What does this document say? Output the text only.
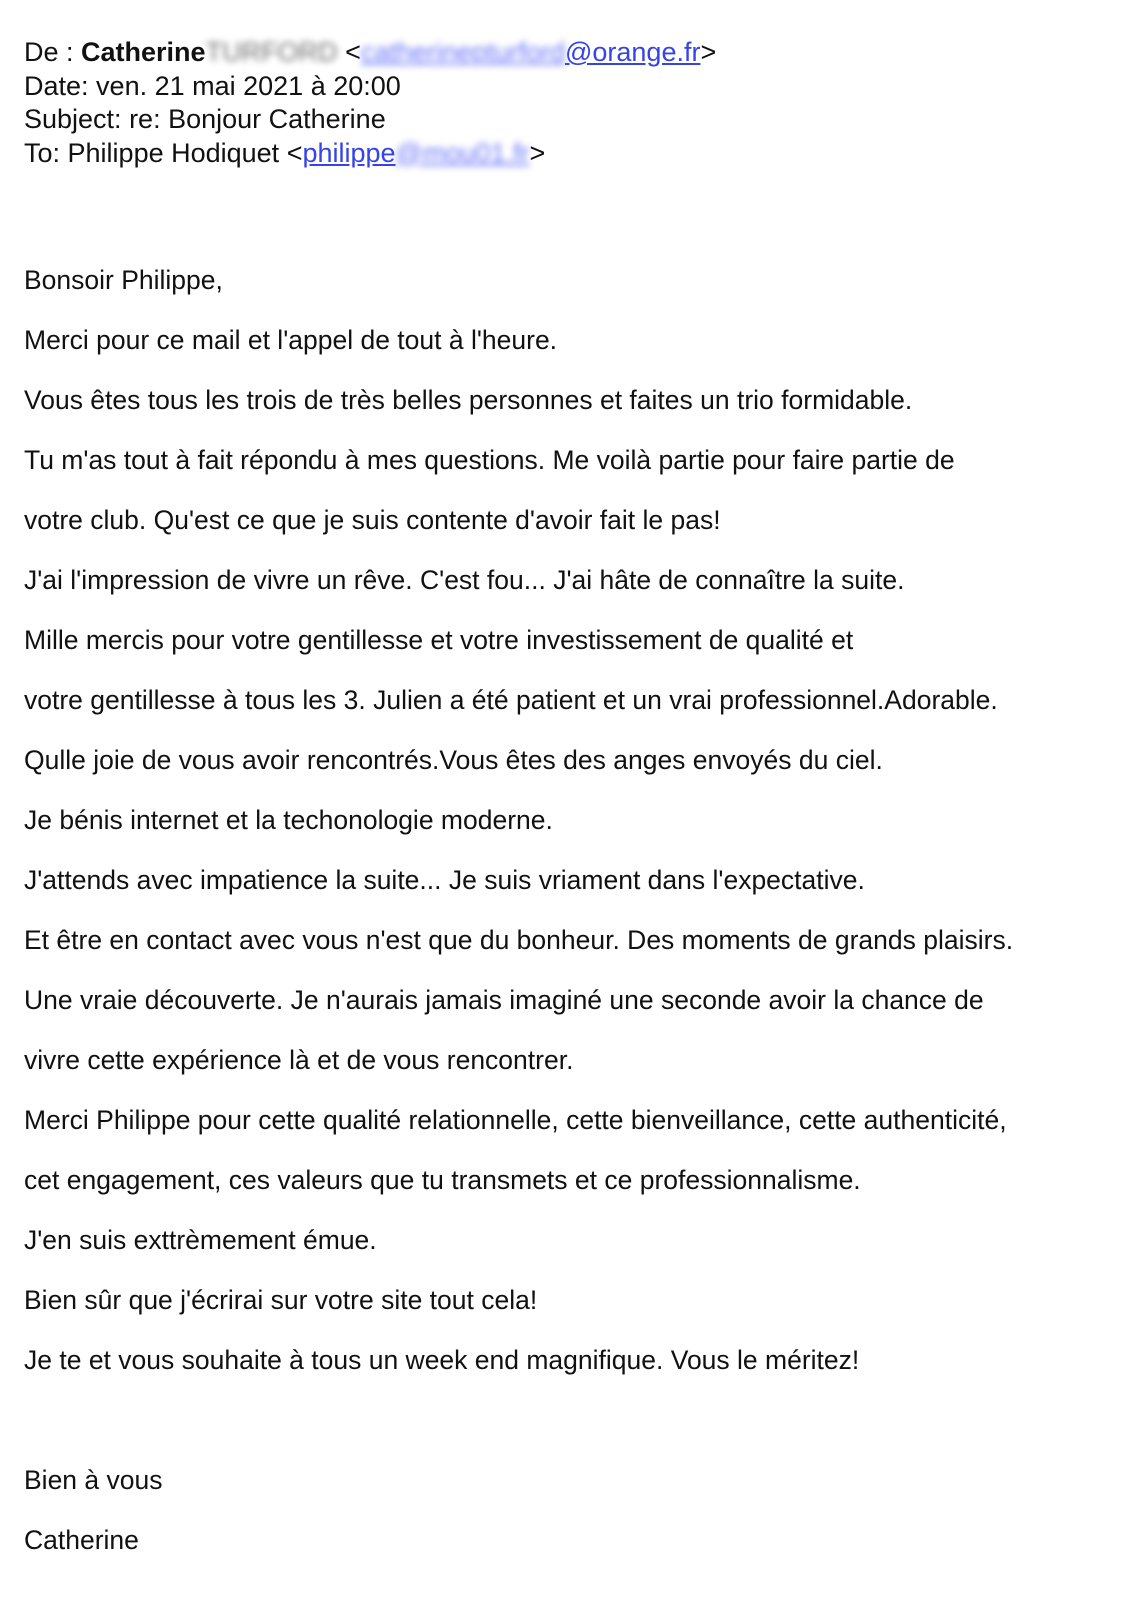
De : CatherineTURFORD <catherinepturford@orange.fr>
Date: ven. 21 mai 2021 à 20:00
Subject: re: Bonjour Catherine
To: Philippe Hodiquet <philippe@mou01.fr>
Bonsoir Philippe,
Merci pour ce mail et l'appel de tout à l'heure.
Vous êtes tous les trois de très belles personnes et faites un trio formidable.
Tu m'as tout à fait répondu à mes questions. Me voilà partie pour faire partie de
votre club. Qu'est ce que je suis contente d'avoir fait le pas!
J'ai l'impression de vivre un rêve. C'est fou... J'ai hâte de connaître la suite.
Mille mercis pour votre gentillesse et votre investissement de qualité et
votre gentillesse à tous les 3. Julien a été patient et un vrai professionnel.Adorable.
Qulle joie de vous avoir rencontrés.Vous êtes des anges envoyés du ciel.
Je bénis internet et la techonologie moderne.
J'attends avec impatience la suite... Je suis vriament dans l'expectative.
Et être en contact avec vous n'est que du bonheur. Des moments de grands plaisirs.
Une vraie découverte. Je n'aurais jamais imaginé une seconde avoir la chance de
vivre cette expérience là et de vous rencontrer.
Merci Philippe pour cette qualité relationnelle, cette bienveillance, cette authenticité,
cet engagement, ces valeurs que tu transmets et ce professionnalisme.
J'en suis exttrèmement émue.
Bien sûr que j'écrirai sur votre site tout cela!
Je te et vous souhaite à tous un week end magnifique. Vous le méritez!
Bien à vous
Catherine
